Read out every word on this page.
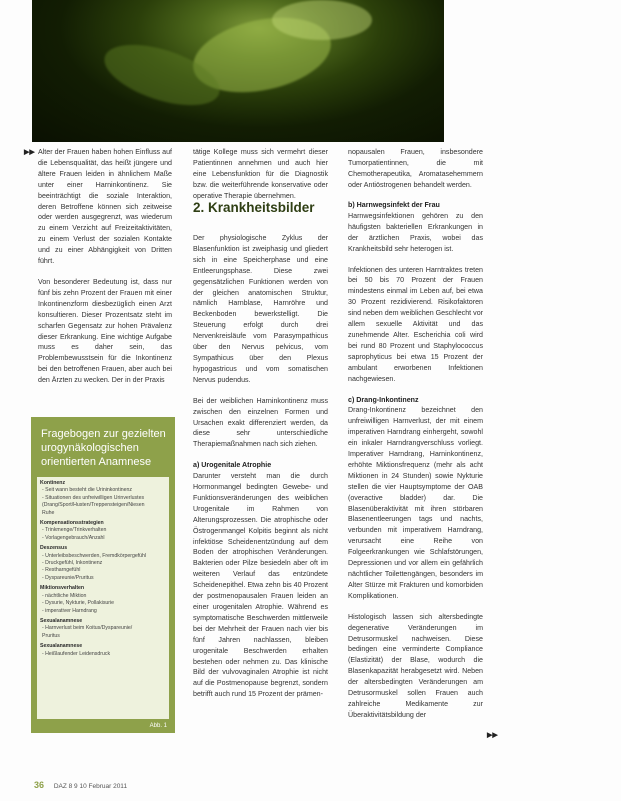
▶▶ Alter der Frauen haben hohen Einfluss auf die Lebensqualität, das heißt jüngere und ältere Frauen leiden in ähnlichem Maße unter einer Harninkontinenz. Sie beeinträchtigt die soziale Interaktion, deren Betroffene können sich zeitweise oder werden ausgegrenzt, was wiederum zu einem Verzicht auf Freizeitaktivitäten, zu einem Verlust der sozialen Kontakte und zu einer Abhängigkeit von Dritten führt.

Von besonderer Bedeutung ist, dass nur fünf bis zehn Prozent der Frauen mit einer Inkontinenzform diesbezüglich einen Arzt konsultieren. Dieser Prozentsatz steht im scharfen Gegensatz zur hohen Prävalenz dieser Erkrankung. Eine wichtige Aufgabe muss es daher sein, das Problembewusstsein für die Inkontinenz bei den betroffenen Frauen, aber auch bei den Ärzten zu wecken. Der in der Praxis

tätige Kollege muss sich vermehrt dieser Patientinnen annehmen und auch hier eine Lebensfunktion für die Diagnostik bzw. die weiterführende konservative oder operative Therapie übernehmen.

2. Krankheitsbilder

Der physiologische Zyklus der Blasenfunktion ist zweiphasig und gliedert sich in eine Speicherphase und eine Entleerungsphase. Diese zwei gegensätzlichen Funktionen werden von der gleichen anatomischen Struktur, nämlich Harnblase, Harnröhre und Beckenboden bewerkstelligt. Die Steuerung erfolgt durch drei Nervenkreisläufe vom Parasympathicus über den Nervus pelvicus, vom Sympathicus über den Plexus hypogastricus und vom somatischen Nervus pudendus.

Bei der weiblichen Harninkontinenz muss zwischen den einzelnen Formen und Ursachen exakt differenziert werden, da diese sehr unterschiedliche Therapiemaßnahmen nach sich ziehen.

a) Urogenitale Atrophie

Darunter versteht man die durch Hormonmangel bedingten Gewebe- und Funktionsveränderungen des weiblichen Urogenitale im Rahmen von Alterungsprozessen. Die atrophische oder Östrogenmangel Kolpitis beginnt als nicht infektiöse Scheidenentzündung auf dem Boden der atrophischen Veränderungen. Bakterien oder Pilze besiedeln aber oft im weiteren Verlauf das entzündete Scheidenepithel. Etwa zehn bis 40 Prozent der postmenopausalen Frauen leiden an einer urogenitalen Atrophie. Während es symptomatische Beschwerden mittlerweile bei der Mehrheit der Frauen nach vier bis fünf Jahren nachlassen, bleiben urogenitale Beschwerden erhalten bestehen oder nehmen zu. Das klinische Bild der vulvovaginalen Atrophie ist nicht auf die Postmenopause begrenzt, sondern betrifft auch rund 15 Prozent der prämen-

nopausalen Frauen, insbesondere Tumorpatientinnen, die mit Chemotherapeutika, Aromatasehemmern oder Antiöstrogenen behandelt werden.

b) Harnwegsinfekt der Frau

Harnwegsinfektionen gehören zu den häufigsten bakteriellen Erkrankungen in der ärztlichen Praxis, wobei das Krankheitsbild sehr heterogen ist.

Infektionen des unteren Harntraktes treten bei 50 bis 70 Prozent der Frauen mindestens einmal im Leben auf, bei etwa 30 Prozent rezidivierend. Risikofaktoren sind neben dem weiblichen Geschlecht vor allem sexuelle Aktivität und das zunehmende Alter. Escherichia coli wird bei rund 80 Prozent und Staphylococcus saprophyticus bei etwa 15 Prozent der ambulant erworbenen Infektionen nachgewiesen.

c) Drang-Inkontinenz

Drang-Inkontinenz bezeichnet den unfreiwilligen Harnverlust, der mit einem imperativen Harndrang einhergeht, sowohl ein inkaler Harndrangverschluss vorliegt. Imperativer Harndrang, Harninkontinenz, erhöhte Miktionsfrequenz (mehr als acht Miktionen in 24 Stunden) sowie Nykturie stellen die vier Hauptsymptome der OAB (overactive bladder) dar. Die Blasenüberaktivität mit ihren störbaren Blasenentleerungen tags und nachts, verbunden mit imperativem Harndrang, verursacht eine Reihe von Folgeerkrankungen wie Schlafstörungen, Depressionen und vor allem ein gefährlich nächtlicher Toilettengängen, besonders im Alter Stürze mit Frakturen und komorbiden Komplikationen.

Histologisch lassen sich altersbedingte degenerative Veränderungen im Detrusormuskel nachweisen. Diese bedingen eine verminderte Compliance (Elastizität) der Blase, wodurch die Blasenkapazität herabgesetzt wird. Neben der altersbedingten Veränderungen am Detrusormuskel sollen Frauen auch zahlreiche Medikamente zur Überaktivitätsbildung der

▶▶
Fragebogen zur gezielten urogynäkologischen orientierten Anamnese
Kontinenz
- Seit wann besteht die Urininkontinenz
- Situationen des unfreiwilligen Urinverlustes
(Drang/Sport/Husten/Treppensteigen/Niesen
Ruhe
Kompensationsstrategien
- Trinkmenge/Trinkverhalten
- Vorlagengebrauch/Anzahl
Deszensus
- Unterleibsbeschwerden, Fremdkörpergefühl
- Druckgefühl, Inkontinenz
- Restharngefühl
- Dyspareunie/Pruritus
Miktionsverhalten
- nächtliche Miktion
- Dysurie, Nykturie, Pollakisurie
- imperativer Harndrang
Sexualanamnese
- Harnverlust beim Koitus/Dyspareunie/
Pruritus
Sexualanamnese
- Heißlaufender Leidensdruck
Abb. 1
36 DAZ 8 9 10 Februar 2011
